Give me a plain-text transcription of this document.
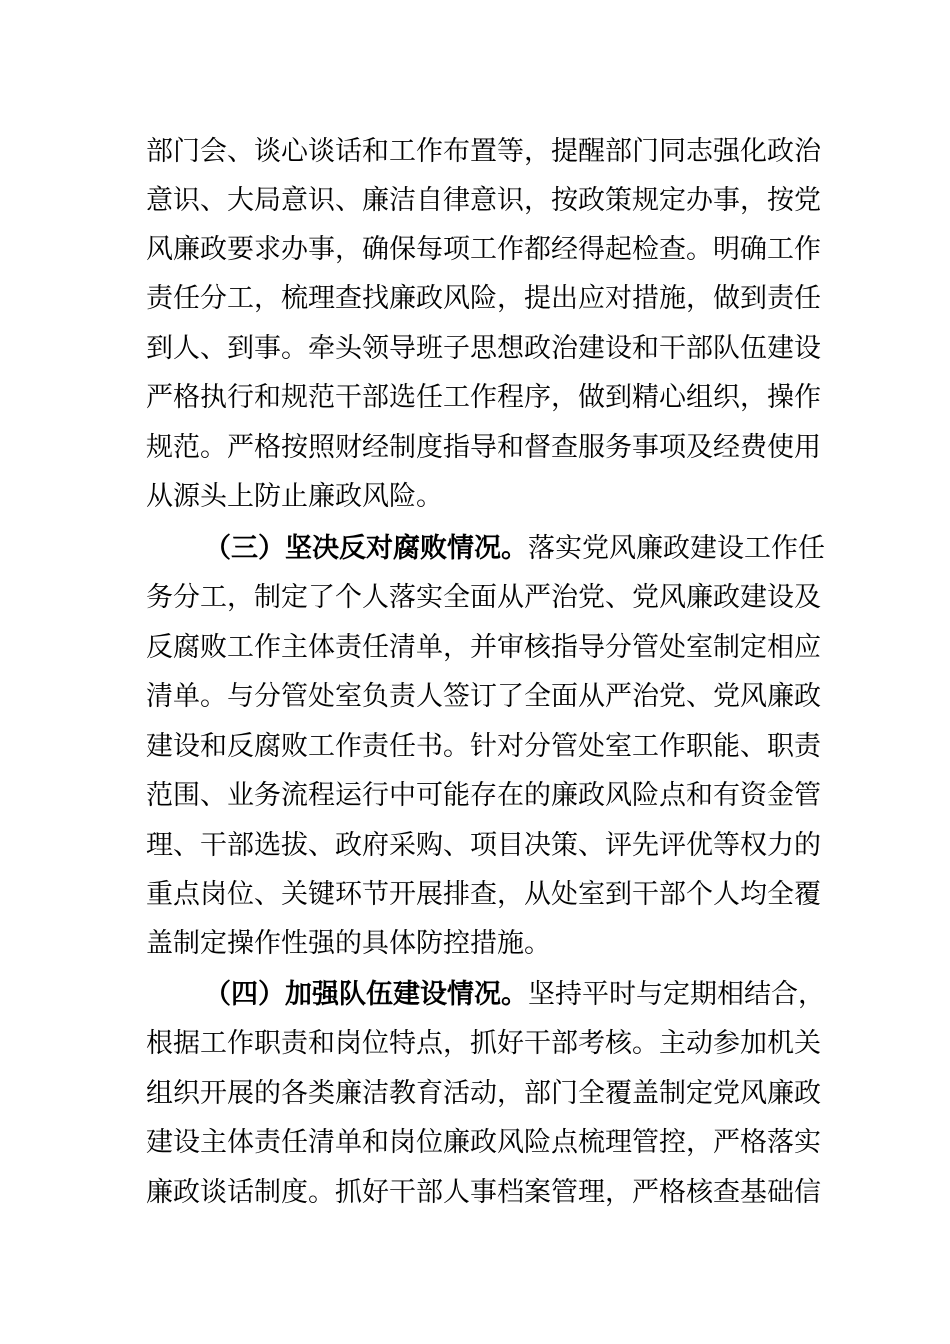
部门会、谈心谈话和工作布置等，提醒部门同志强化政治
意识、大局意识、廉洁自律意识，按政策规定办事，按党
风廉政要求办事，确保每项工作都经得起检查。明确工作
责任分工，梳理查找廉政风险，提出应对措施，做到责任
到人、到事。牵头领导班子思想政治建设和干部队伍建设
严格执行和规范干部选任工作程序，做到精心组织，操作
规范。严格按照财经制度指导和督查服务事项及经费使用
从源头上防止廉政风险。
（三）坚决反对腐败情况。落实党风廉政建设工作任
务分工，制定了个人落实全面从严治党、党风廉政建设及
反腐败工作主体责任清单，并审核指导分管处室制定相应
清单。与分管处室负责人签订了全面从严治党、党风廉政
建设和反腐败工作责任书。针对分管处室工作职能、职责
范围、业务流程运行中可能存在的廉政风险点和有资金管
理、干部选拔、政府采购、项目决策、评先评优等权力的
重点岗位、关键环节开展排查，从处室到干部个人均全覆
盖制定操作性强的具体防控措施。
（四）加强队伍建设情况。坚持平时与定期相结合，
根据工作职责和岗位特点，抓好干部考核。主动参加机关
组织开展的各类廉洁教育活动，部门全覆盖制定党风廉政
建设主体责任清单和岗位廉政风险点梳理管控，严格落实
廉政谈话制度。抓好干部人事档案管理，严格核查基础信
